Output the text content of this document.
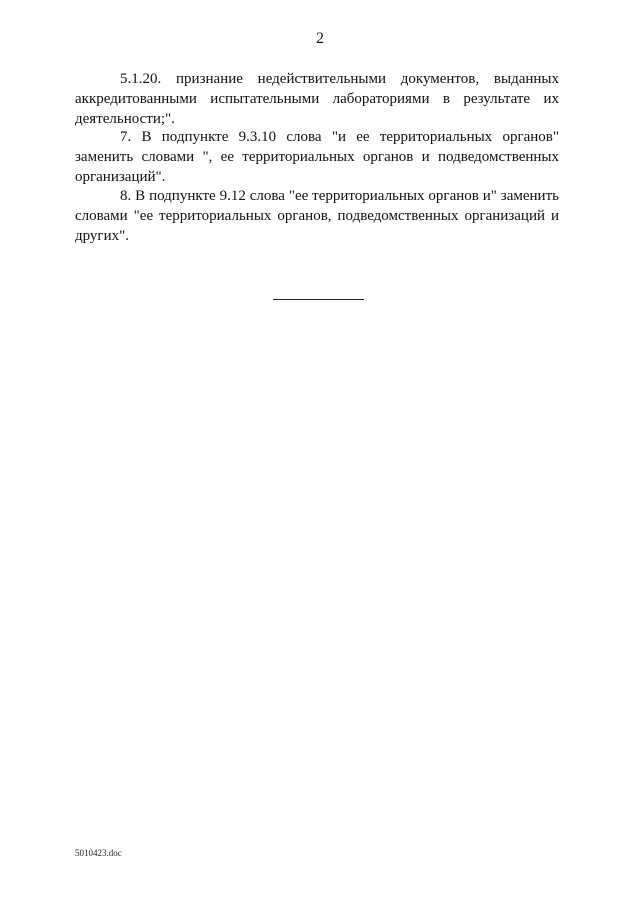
2

5.1.20. признание недействительными документов, выданных аккредитованными испытательными лабораториями в результате их деятельности;".

7. В подпункте 9.3.10 слова "и ее территориальных органов" заменить словами ", ее территориальных органов и подведомственных организаций".

8. В подпункте 9.12 слова "ее территориальных органов и" заменить словами "ее территориальных органов, подведомственных организаций и других".

5010423.doc
